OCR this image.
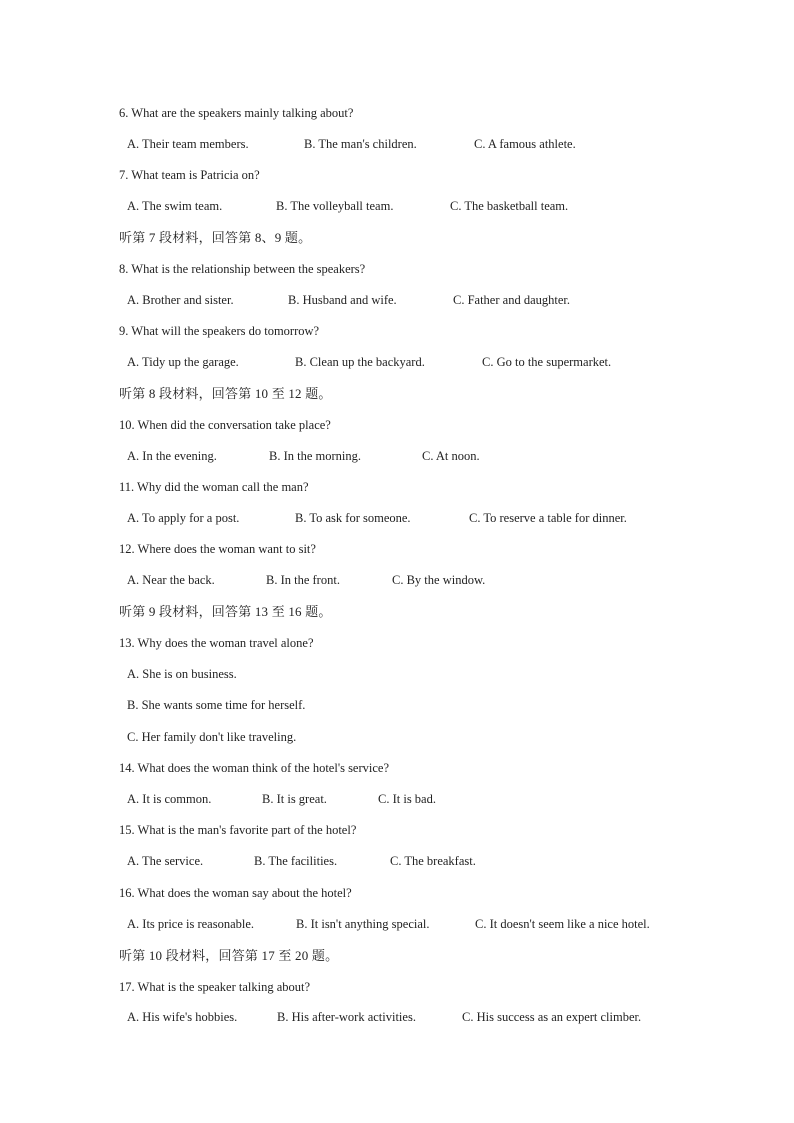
6. What are the speakers mainly talking about?
A. Their team members.	B. The man's children.	C. A famous athlete.
7. What team is Patricia on?
A. The swim team.	B. The volleyball team.	C. The basketball team.
听第 7 段材料，回答第 8、9 题。
8. What is the relationship between the speakers?
A. Brother and sister.	B. Husband and wife.	C. Father and daughter.
9. What will the speakers do tomorrow?
A. Tidy up the garage.	B. Clean up the backyard.	C. Go to the supermarket.
听第 8 段材料，回答第 10 至 12 题。
10. When did the conversation take place?
A. In the evening.	B. In the morning.	C. At noon.
11. Why did the woman call the man?
A. To apply for a post.	B. To ask for someone.	C. To reserve a table for dinner.
12. Where does the woman want to sit?
A. Near the back.	B. In the front.	C. By the window.
听第 9 段材料，回答第 13 至 16 题。
13. Why does the woman travel alone?
A. She is on business.
B. She wants some time for herself.
C. Her family don't like traveling.
14. What does the woman think of the hotel's service?
A. It is common.	B. It is great.	C. It is bad.
15. What is the man's favorite part of the hotel?
A. The service.	B. The facilities.	C. The breakfast.
16. What does the woman say about the hotel?
A. Its price is reasonable.	B. It isn't anything special.	C. It doesn't seem like a nice hotel.
听第 10 段材料，回答第 17 至 20 题。
17. What is the speaker talking about?
A. His wife's hobbies.	B. His after-work activities.	C. His success as an expert climber.
